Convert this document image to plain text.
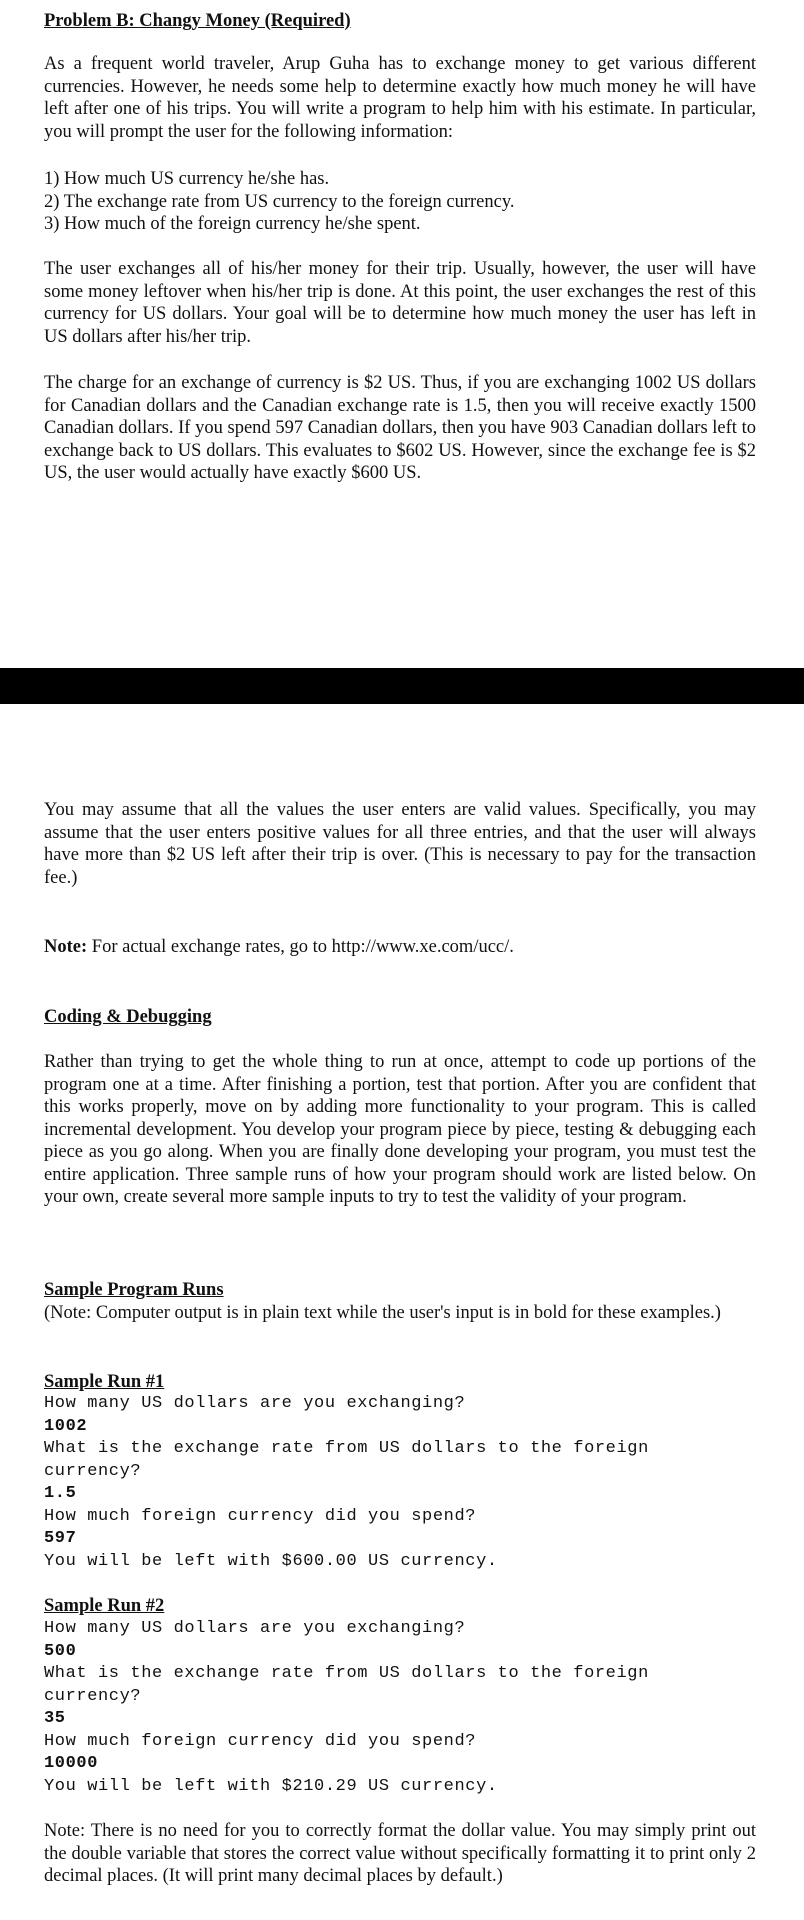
Problem B: Changy Money (Required)

As a frequent world traveler, Arup Guha has to exchange money to get various different currencies. However, he needs some help to determine exactly how much money he will have left after one of his trips. You will write a program to help him with his estimate. In particular, you will prompt the user for the following information:

1) How much US currency he/she has.
2) The exchange rate from US currency to the foreign currency.
3) How much of the foreign currency he/she spent.

The user exchanges all of his/her money for their trip. Usually, however, the user will have some money leftover when his/her trip is done. At this point, the user exchanges the rest of this currency for US dollars. Your goal will be to determine how much money the user has left in US dollars after his/her trip.

The charge for an exchange of currency is $2 US. Thus, if you are exchanging 1002 US dollars for Canadian dollars and the Canadian exchange rate is 1.5, then you will receive exactly 1500 Canadian dollars. If you spend 597 Canadian dollars, then you have 903 Canadian dollars left to exchange back to US dollars. This evaluates to $602 US. However, since the exchange fee is $2 US, the user would actually have exactly $600 US.

You may assume that all the values the user enters are valid values. Specifically, you may assume that the user enters positive values for all three entries, and that the user will always have more than $2 US left after their trip is over. (This is necessary to pay for the transaction fee.)

Note: For actual exchange rates, go to http://www.xe.com/ucc/.
Coding & Debugging

Rather than trying to get the whole thing to run at once, attempt to code up portions of the program one at a time. After finishing a portion, test that portion. After you are confident that this works properly, move on by adding more functionality to your program. This is called incremental development. You develop your program piece by piece, testing & debugging each piece as you go along. When you are finally done developing your program, you must test the entire application. Three sample runs of how your program should work are listed below. On your own, create several more sample inputs to try to test the validity of your program.

Sample Program Runs

(Note: Computer output is in plain text while the user's input is in bold for these examples.)

Sample Run #1
How many US dollars are you exchanging?
1002
What is the exchange rate from US dollars to the foreign currency?
1.5
How much foreign currency did you spend?
597
You will be left with $600.00 US currency.
Sample Run #2
How many US dollars are you exchanging?
500
What is the exchange rate from US dollars to the foreign currency?
35
How much foreign currency did you spend?
10000
You will be left with $210.29 US currency.

Note: There is no need for you to correctly format the dollar value. You may simply print out the double variable that stores the correct value without specifically formatting it to print only 2 decimal places. (It will print many decimal places by default.)
